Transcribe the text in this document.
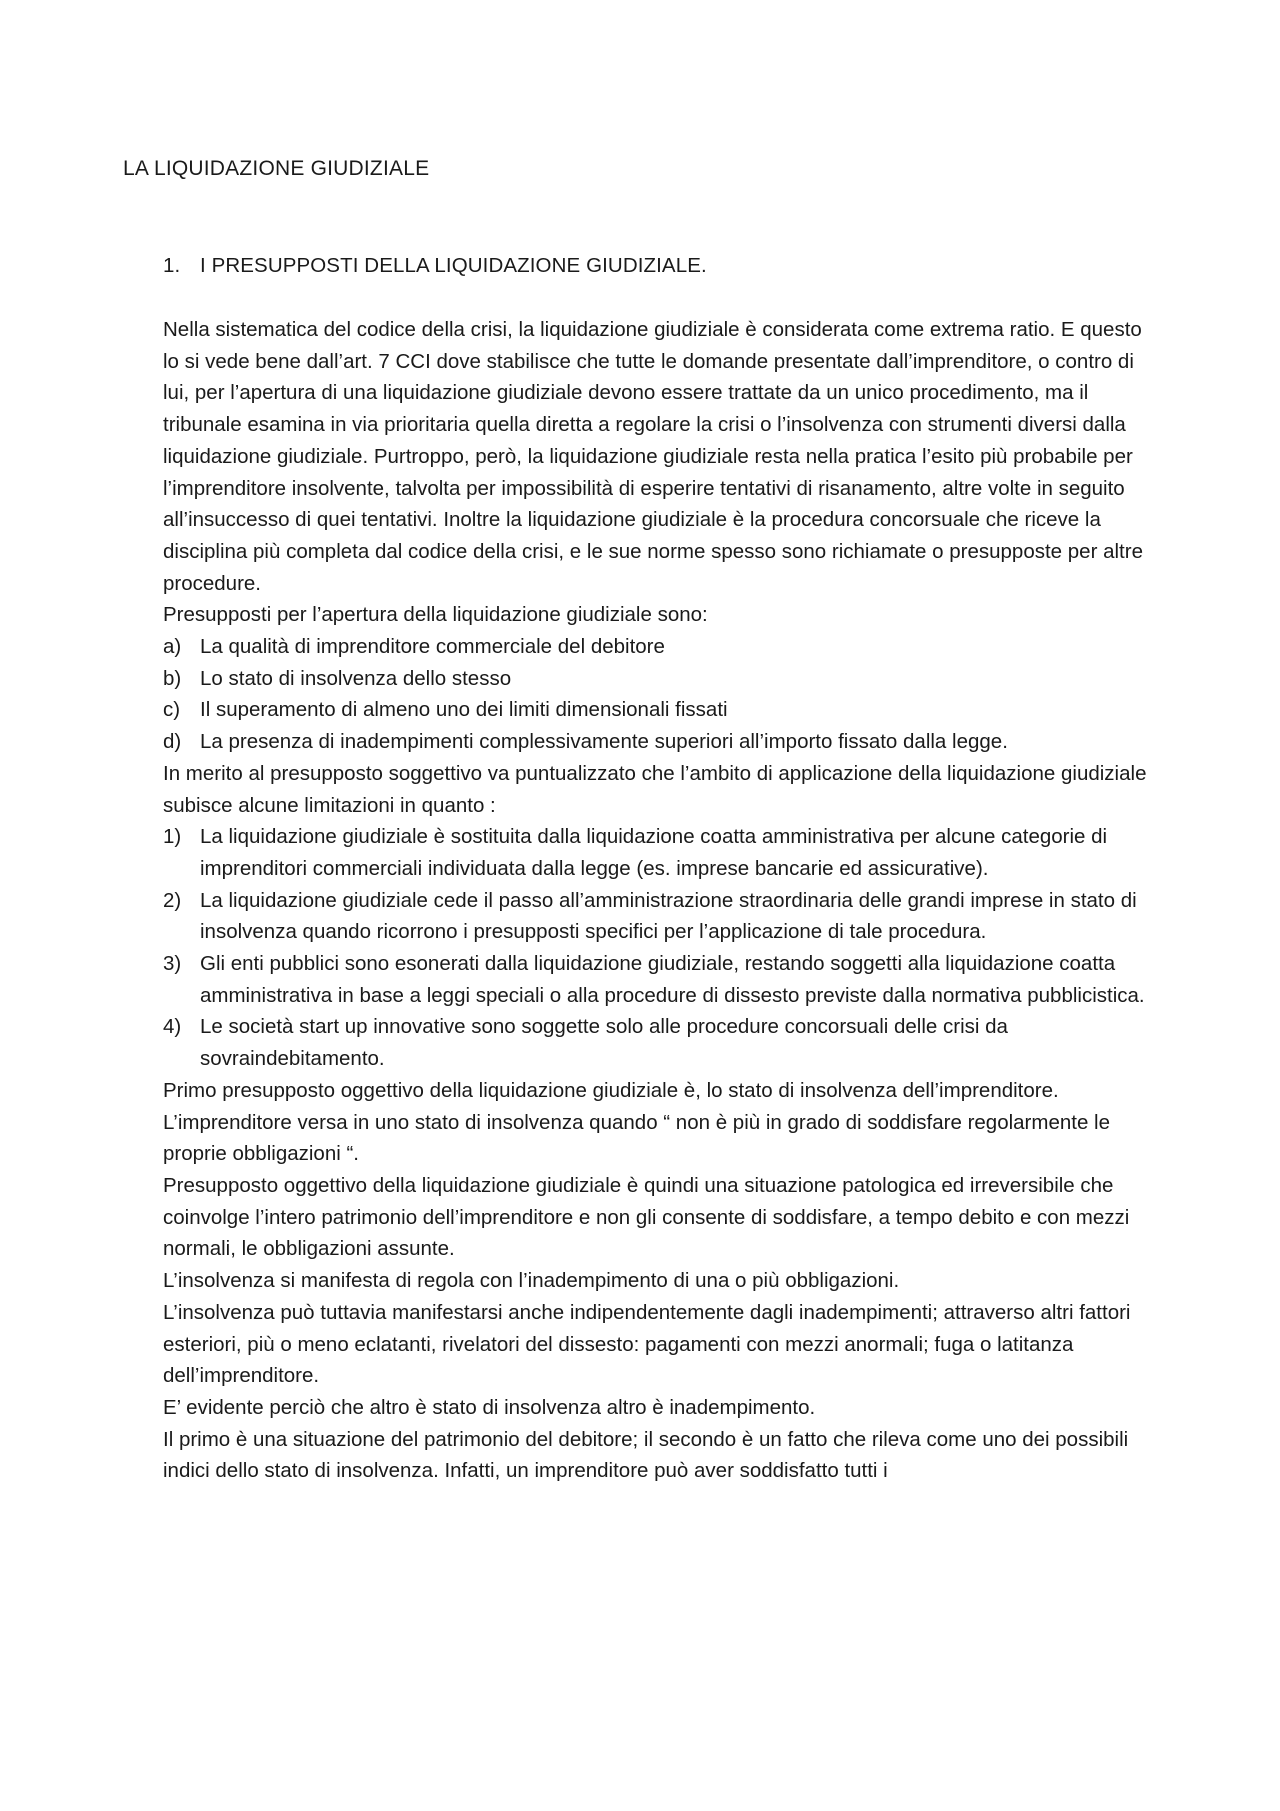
LA LIQUIDAZIONE GIUDIZIALE
1. I PRESUPPOSTI DELLA LIQUIDAZIONE GIUDIZIALE.

Nella sistematica del codice della crisi, la liquidazione giudiziale è considerata come extrema ratio. E questo lo si vede bene dall’art. 7 CCI dove stabilisce che tutte le domande presentate dall’imprenditore, o contro di lui, per l’apertura di una liquidazione giudiziale devono essere trattate da un unico procedimento, ma il tribunale esamina in via prioritaria quella diretta a regolare la crisi o l’insolvenza con strumenti diversi dalla liquidazione giudiziale. Purtroppo, però, la liquidazione giudiziale resta nella pratica l’esito più probabile per l’imprenditore insolvente, talvolta per impossibilità di esperire tentativi di risanamento, altre volte in seguito all’insuccesso di quei tentativi. Inoltre la liquidazione giudiziale è la procedura concorsuale che riceve la disciplina più completa dal codice della crisi, e le sue norme spesso sono richiamate o presupposte per altre procedure.

Presupposti per l’apertura della liquidazione giudiziale sono:

a) La qualità di imprenditore commerciale del debitore

b) Lo stato di insolvenza dello stesso

c) Il superamento di almeno uno dei limiti dimensionali fissati

d) La presenza di inadempimenti complessivamente superiori all’importo fissato dalla legge.

In merito al presupposto soggettivo va puntualizzato che l’ambito di applicazione della liquidazione giudiziale subisce alcune limitazioni in quanto :

1) La liquidazione giudiziale è sostituita dalla liquidazione coatta amministrativa per alcune categorie di imprenditori commerciali individuata dalla legge (es. imprese bancarie ed assicurative).

2) La liquidazione giudiziale cede il passo all’amministrazione straordinaria delle grandi imprese in stato di insolvenza quando ricorrono i presupposti specifici per l’applicazione di tale procedura.

3) Gli enti pubblici sono esonerati dalla liquidazione giudiziale, restando soggetti alla liquidazione coatta amministrativa in base a leggi speciali o alla procedure di dissesto previste dalla normativa pubblicistica.

4) Le società start up innovative sono soggette solo alle procedure concorsuali delle crisi da sovraindebitamento.

Primo presupposto oggettivo della liquidazione giudiziale è, lo stato di insolvenza dell’imprenditore.

L’imprenditore versa in uno stato di insolvenza quando “ non è più in grado di soddisfare regolarmente le proprie obbligazioni “.

Presupposto oggettivo della liquidazione giudiziale è quindi una situazione patologica ed irreversibile che coinvolge l’intero patrimonio dell’imprenditore e non gli consente di soddisfare, a tempo debito e con mezzi normali, le obbligazioni assunte.

L’insolvenza si manifesta di regola con l’inadempimento di una o più obbligazioni.

L’insolvenza può tuttavia manifestarsi anche indipendentemente dagli inadempimenti; attraverso altri fattori esteriori, più o meno eclatanti, rivelatori del dissesto: pagamenti con mezzi anormali; fuga o latitanza dell’imprenditore.

E’ evidente perciò che altro è stato di insolvenza altro è inadempimento.

Il primo è una situazione del patrimonio del debitore; il secondo è un fatto che rileva come uno dei possibili indici dello stato di insolvenza. Infatti, un imprenditore può aver soddisfatto tutti i
